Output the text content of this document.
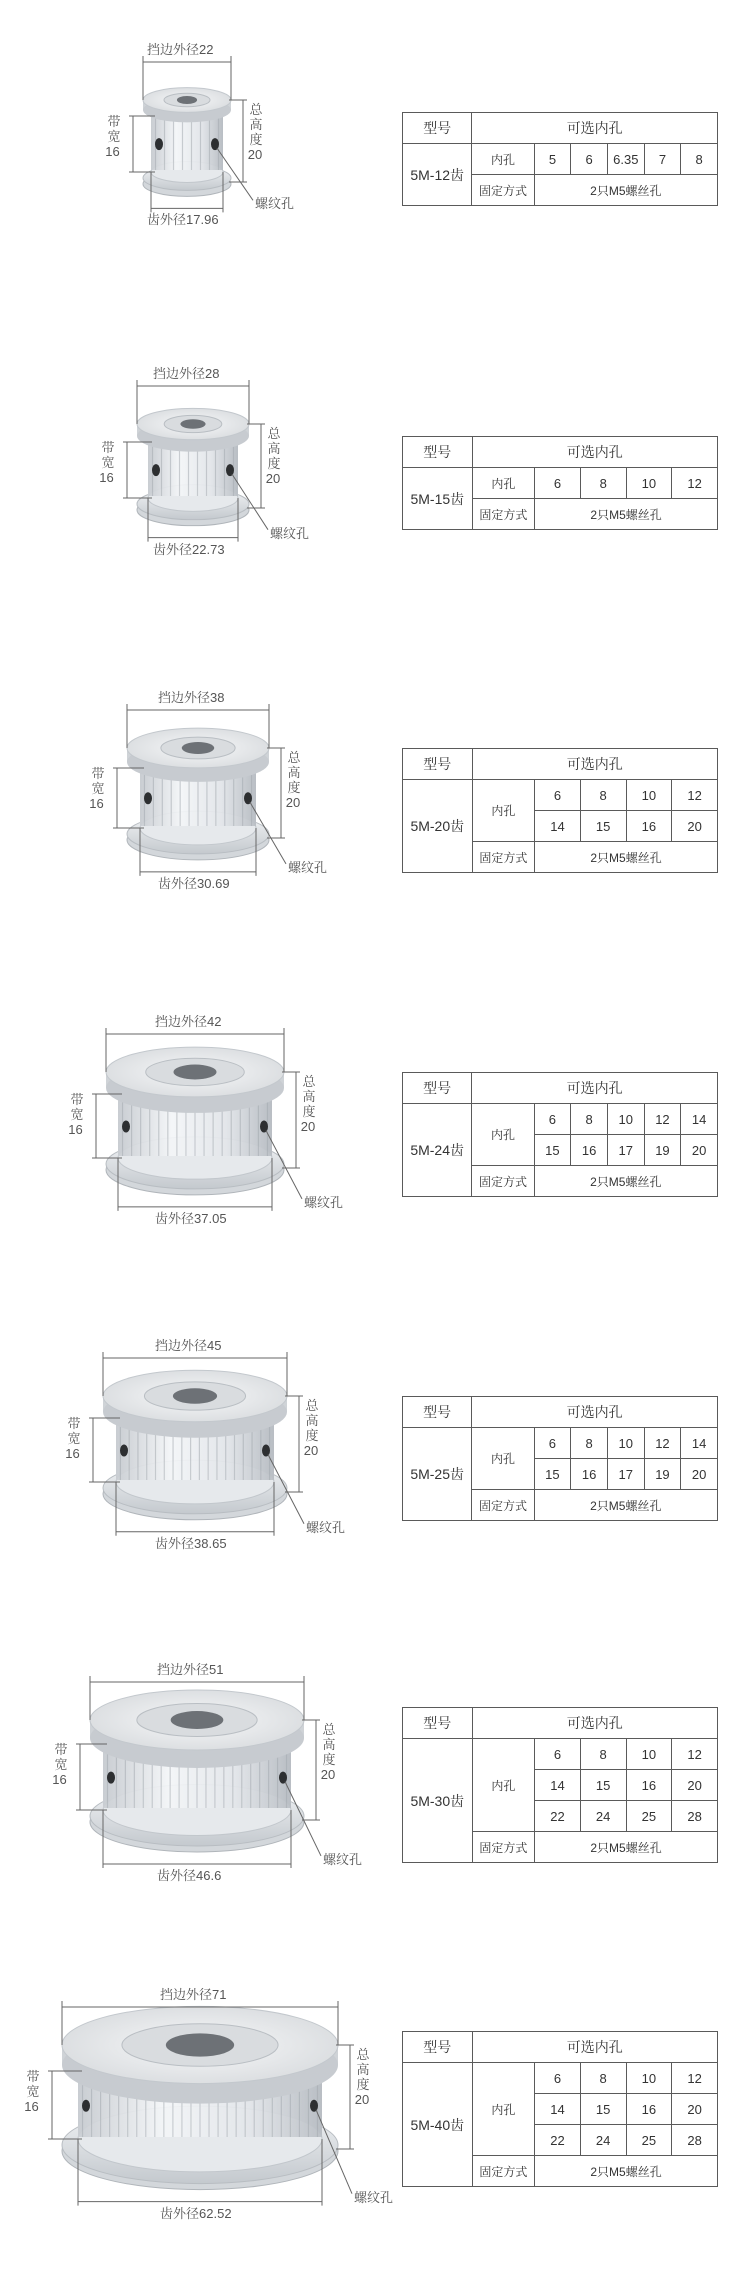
挡边外径22
齿外径17.96
带
宽
16
总
高
度
20
螺纹孔
型号	可选内孔					
5M-12齿	内孔	5	6	6.35	7	8
	固定方式	2只M5螺丝孔				
挡边外径28
齿外径22.73
带
宽
16
总
高
度
20
螺纹孔
型号	可选内孔				
5M-15齿	内孔	6	8	10	12
	固定方式	2只M5螺丝孔			
挡边外径38
齿外径30.69
带
宽
16
总
高
度
20
螺纹孔
型号	可选内孔				
5M-20齿	内孔	6	8	10	12
		14	15	16	20
	固定方式	2只M5螺丝孔			
挡边外径42
齿外径37.05
带
宽
16
总
高
度
20
螺纹孔
型号	可选内孔					
5M-24齿	内孔	6	8	10	12	14
		15	16	17	19	20
	固定方式	2只M5螺丝孔				
挡边外径45
齿外径38.65
带
宽
16
总
高
度
20
螺纹孔
型号	可选内孔					
5M-25齿	内孔	6	8	10	12	14
		15	16	17	19	20
	固定方式	2只M5螺丝孔				
挡边外径51
齿外径46.6
带
宽
16
总
高
度
20
螺纹孔
型号	可选内孔				
5M-30齿	内孔	6	8	10	12
		14	15	16	20
		22	24	25	28
	固定方式	2只M5螺丝孔			
挡边外径71
齿外径62.52
带
宽
16
总
高
度
20
螺纹孔
型号	可选内孔				
5M-40齿	内孔	6	8	10	12
		14	15	16	20
		22	24	25	28
	固定方式	2只M5螺丝孔			
